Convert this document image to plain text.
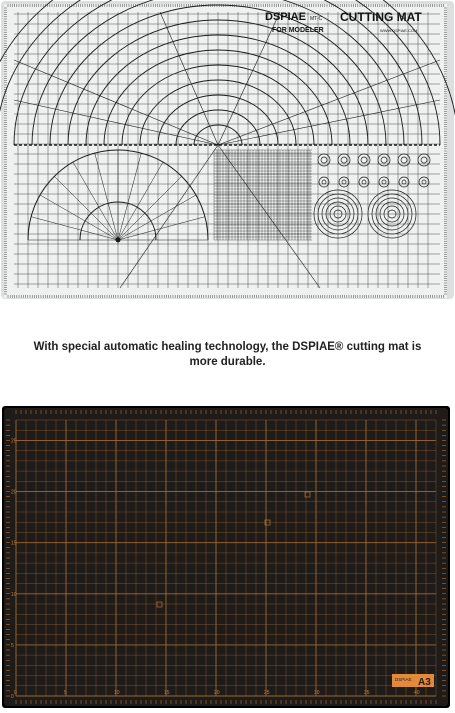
DSPIAE MT-C CUTTING MAT
FOR MODELER	WWW.DSPIAE.COM
With special automatic healing technology, the DSPIAE® cutting mat is
more durable.
0	5	10	15	20	25	30	35	40
25
20
15
10
5
0
DSPIAE A3
